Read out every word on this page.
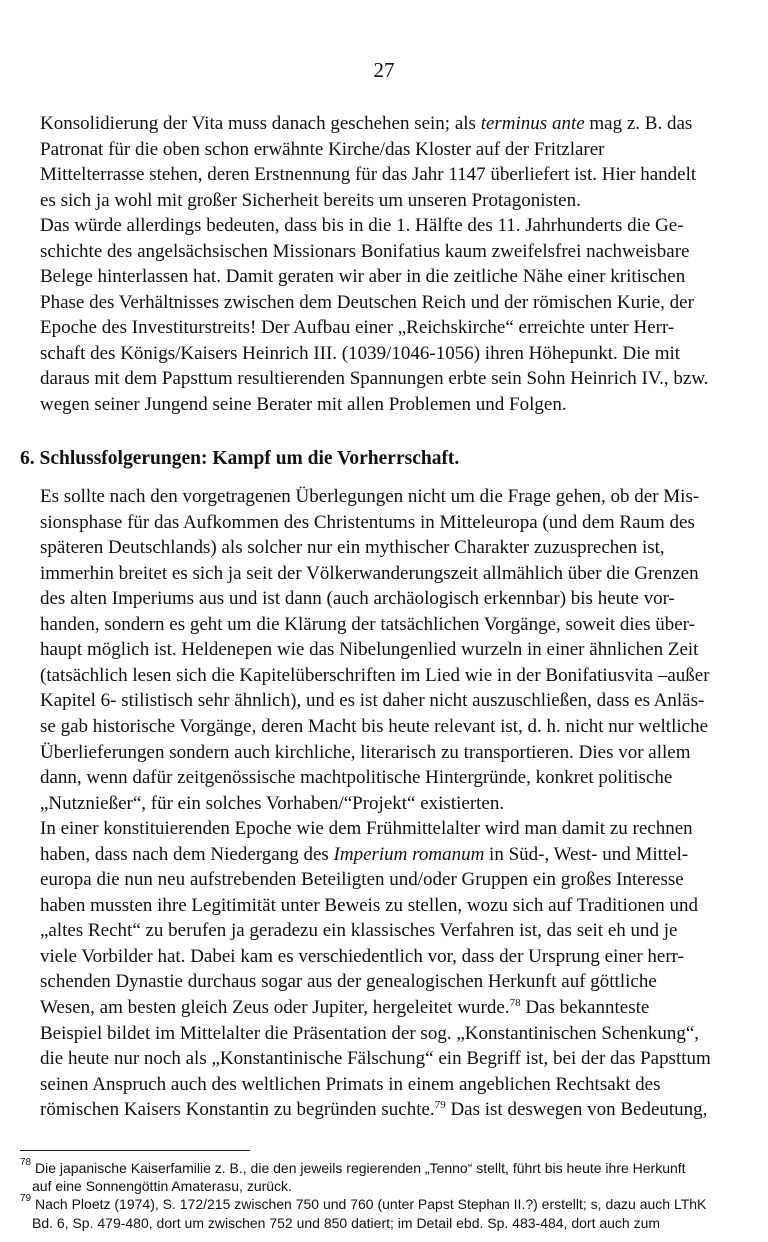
27
Konsolidierung der Vita muss danach geschehen sein; als terminus ante mag z. B. das
Patronat für die oben schon erwähnte Kirche/das Kloster auf der Fritzlarer
Mittelterrasse stehen, deren Erstnennung für das Jahr 1147 überliefert ist. Hier handelt
es sich ja wohl mit großer Sicherheit bereits um unseren Protagonisten.
Das würde allerdings bedeuten, dass bis in die 1. Hälfte des 11. Jahrhunderts die Ge-
schichte des angelsächsischen Missionars Bonifatius kaum zweifelsfrei nachweisbare
Belege hinterlassen hat. Damit geraten wir aber in die zeitliche Nähe einer kritischen
Phase des Verhältnisses zwischen dem Deutschen Reich und der römischen Kurie, der
Epoche des Investiturstreits! Der Aufbau einer „Reichskirche“ erreichte unter Herr-
schaft des Königs/Kaisers Heinrich III. (1039/1046-1056) ihren Höhepunkt. Die mit
daraus mit dem Papsttum resultierenden Spannungen erbte sein Sohn Heinrich IV., bzw.
wegen seiner Jungend seine Berater mit allen Problemen und Folgen.
6. Schlussfolgerungen: Kampf um die Vorherrschaft.
Es sollte nach den vorgetragenen Überlegungen nicht um die Frage gehen, ob der Mis-
sionsphase für das Aufkommen des Christentums in Mitteleuropa (und dem Raum des
späteren Deutschlands) als solcher nur ein mythischer Charakter zuzusprechen ist,
immerhin breitet es sich ja seit der Völkerwanderungszeit allmählich über die Grenzen
des alten Imperiums aus und ist dann (auch archäologisch erkennbar) bis heute vor-
handen, sondern es geht um die Klärung der tatsächlichen Vorgänge, soweit dies über-
haupt möglich ist. Heldenepen wie das Nibelungenlied wurzeln in einer ähnlichen Zeit
(tatsächlich lesen sich die Kapitelüberschriften im Lied wie in der Bonifatiusvita –außer
Kapitel 6- stilistisch sehr ähnlich), und es ist daher nicht auszuschließen, dass es Anläs-
se gab historische Vorgänge, deren Macht bis heute relevant ist, d. h. nicht nur weltliche
Überlieferungen sondern auch kirchliche, literarisch zu transportieren. Dies vor allem
dann, wenn dafür zeitgenössische machtpolitische Hintergründe, konkret politische
„Nutznießer“, für ein solches Vorhaben/“Projekt“ existierten.
In einer konstituierenden Epoche wie dem Frühmittelalter wird man damit zu rechnen
haben, dass nach dem Niedergang des Imperium romanum in Süd-, West- und Mittel-
europa die nun neu aufstrebenden Beteiligten und/oder Gruppen ein großes Interesse
haben mussten ihre Legitimität unter Beweis zu stellen, wozu sich auf Traditionen und
„altes Recht“ zu berufen ja geradezu ein klassisches Verfahren ist, das seit eh und je
viele Vorbilder hat. Dabei kam es verschiedentlich vor, dass der Ursprung einer herr-
schenden Dynastie durchaus sogar aus der genealogischen Herkunft auf göttliche
Wesen, am besten gleich Zeus oder Jupiter, hergeleitet wurde.$^{78}$ Das bekannteste
Beispiel bildet im Mittelalter die Präsentation der sog. „Konstantinischen Schenkung“,
die heute nur noch als „Konstantinische Fälschung“ ein Begriff ist, bei der das Papsttum
seinen Anspruch auch des weltlichen Primats in einem angeblichen Rechtsakt des
römischen Kaisers Konstantin zu begründen suchte.$^{79}$ Das ist deswegen von Bedeutung,
$^{78}$ Die japanische Kaiserfamilie z. B., die den jeweils regierenden „Tenno“ stellt, führt bis heute ihre Herkunft
auf eine Sonnengöttin Amaterasu, zurück.
$^{79}$ Nach Ploetz (1974), S. 172/215 zwischen 750 und 760 (unter Papst Stephan II.?) erstellt; s, dazu auch LThK
Bd. 6, Sp. 479-480, dort um zwischen 752 und 850 datiert; im Detail ebd. Sp. 483-484, dort auch zum
